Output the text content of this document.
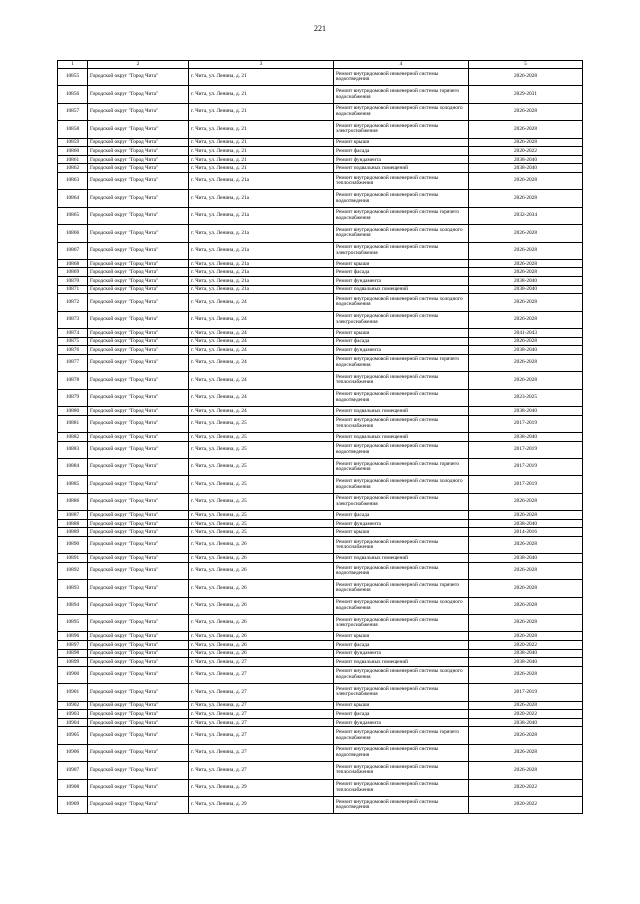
221
1	2	3	4	5
10855	Городской округ "Город Чита"	г. Чита, ул. Ленина, д. 21	Ремонт внутридомовой инженерной системы водоотведения	2026-2028
10856	Городской округ "Город Чита"	г. Чита, ул. Ленина, д. 21	Ремонт внутридомовой инженерной системы горячего водоснабжения	2029-2031
10857	Городской округ "Город Чита"	г. Чита, ул. Ленина, д. 21	Ремонт внутридомовой инженерной системы холодного водоснабжения	2026-2028
10858	Городской округ "Город Чита"	г. Чита, ул. Ленина, д. 21	Ремонт внутридомовой инженерной системы электроснабжения	2026-2028
10859	Городской округ "Город Чита"	г. Чита, ул. Ленина, д. 21	Ремонт крыши	2026-2028
10860	Городской округ "Город Чита"	г. Чита, ул. Ленина, д. 21	Ремонт фасада	2020-2022
10861	Городской округ "Город Чита"	г. Чита, ул. Ленина, д. 21	Ремонт фундамента	2038-2040
10862	Городской округ "Город Чита"	г. Чита, ул. Ленина, д. 21	Ремонт подвальных помещений	2038-2040
10863	Городской округ "Город Чита"	г. Чита, ул. Ленина, д. 21а	Ремонт внутридомовой инженерной системы теплоснабжения	2026-2028
10864	Городской округ "Город Чита"	г. Чита, ул. Ленина, д. 21а	Ремонт внутридомовой инженерной системы водоотведения	2026-2028
10865	Городской округ "Город Чита"	г. Чита, ул. Ленина, д. 21а	Ремонт внутридомовой инженерной системы горячего водоснабжения	2032-2034
10866	Городской округ "Город Чита"	г. Чита, ул. Ленина, д. 21а	Ремонт внутридомовой инженерной системы холодного водоснабжения	2026-2028
10867	Городской округ "Город Чита"	г. Чита, ул. Ленина, д. 21а	Ремонт внутридомовой инженерной системы электроснабжения	2026-2028
10868	Городской округ "Город Чита"	г. Чита, ул. Ленина, д. 21а	Ремонт крыши	2026-2028
10869	Городской округ "Город Чита"	г. Чита, ул. Ленина, д. 21а	Ремонт фасада	2026-2028
10870	Городской округ "Город Чита"	г. Чита, ул. Ленина, д. 21а	Ремонт фундамента	2038-2040
10871	Городской округ "Город Чита"	г. Чита, ул. Ленина, д. 21а	Ремонт подвальных помещений	2038-2040
10872	Городской округ "Город Чита"	г. Чита, ул. Ленина, д. 24	Ремонт внутридомовой инженерной системы холодного водоснабжения	2026-2028
10873	Городской округ "Город Чита"	г. Чита, ул. Ленина, д. 24	Ремонт внутридомовой инженерной системы электроснабжения	2026-2028
10874	Городской округ "Город Чита"	г. Чита, ул. Ленина, д. 24	Ремонт крыши	2041-2043
10875	Городской округ "Город Чита"	г. Чита, ул. Ленина, д. 24	Ремонт фасада	2026-2028
10876	Городской округ "Город Чита"	г. Чита, ул. Ленина, д. 24	Ремонт фундамента	2038-2040
10877	Городской округ "Город Чита"	г. Чита, ул. Ленина, д. 24	Ремонт внутридомовой инженерной системы горячего водоснабжения	2026-2028
10878	Городской округ "Город Чита"	г. Чита, ул. Ленина, д. 24	Ремонт внутридомовой инженерной системы теплоснабжения	2026-2028
10879	Городской округ "Город Чита"	г. Чита, ул. Ленина, д. 24	Ремонт внутридомовой инженерной системы водоотведения	2023-2025
10880	Городской округ "Город Чита"	г. Чита, ул. Ленина, д. 24	Ремонт подвальных помещений	2038-2040
10881	Городской округ "Город Чита"	г. Чита, ул. Ленина, д. 25	Ремонт внутридомовой инженерной системы теплоснабжения	2017-2019
10882	Городской округ "Город Чита"	г. Чита, ул. Ленина, д. 25	Ремонт подвальных помещений	2038-2040
10883	Городской округ "Город Чита"	г. Чита, ул. Ленина, д. 25	Ремонт внутридомовой инженерной системы водоотведения	2017-2019
10884	Городской округ "Город Чита"	г. Чита, ул. Ленина, д. 25	Ремонт внутридомовой инженерной системы горячего водоснабжения	2017-2019
10885	Городской округ "Город Чита"	г. Чита, ул. Ленина, д. 25	Ремонт внутридомовой инженерной системы холодного водоснабжения	2017-2019
10886	Городской округ "Город Чита"	г. Чита, ул. Ленина, д. 25	Ремонт внутридомовой инженерной системы электроснабжения	2026-2028
10887	Городской округ "Город Чита"	г. Чита, ул. Ленина, д. 25	Ремонт фасада	2026-2028
10888	Городской округ "Город Чита"	г. Чита, ул. Ленина, д. 25	Ремонт фундамента	2038-2040
10889	Городской округ "Город Чита"	г. Чита, ул. Ленина, д. 25	Ремонт крыши	2014-2016
10890	Городской округ "Город Чита"	г. Чита, ул. Ленина, д. 26	Ремонт внутридомовой инженерной системы теплоснабжения	2026-2028
10891	Городской округ "Город Чита"	г. Чита, ул. Ленина, д. 26	Ремонт подвальных помещений	2038-2040
10892	Городской округ "Город Чита"	г. Чита, ул. Ленина, д. 26	Ремонт внутридомовой инженерной системы водоотведения	2026-2028
10893	Городской округ "Город Чита"	г. Чита, ул. Ленина, д. 26	Ремонт внутридомовой инженерной системы горячего водоснабжения	2026-2028
10894	Городской округ "Город Чита"	г. Чита, ул. Ленина, д. 26	Ремонт внутридомовой инженерной системы холодного водоснабжения	2026-2028
10895	Городской округ "Город Чита"	г. Чита, ул. Ленина, д. 26	Ремонт внутридомовой инженерной системы электроснабжения	2026-2028
10896	Городской округ "Город Чита"	г. Чита, ул. Ленина, д. 26	Ремонт крыши	2026-2028
10897	Городской округ "Город Чита"	г. Чита, ул. Ленина, д. 26	Ремонт фасада	2020-2022
10898	Городской округ "Город Чита"	г. Чита, ул. Ленина, д. 26	Ремонт фундамента	2038-2040
10899	Городской округ "Город Чита"	г. Чита, ул. Ленина, д. 27	Ремонт подвальных помещений	2038-2040
10900	Городской округ "Город Чита"	г. Чита, ул. Ленина, д. 27	Ремонт внутридомовой инженерной системы холодного водоснабжения	2026-2028
10901	Городской округ "Город Чита"	г. Чита, ул. Ленина, д. 27	Ремонт внутридомовой инженерной системы электроснабжения	2017-2019
10902	Городской округ "Город Чита"	г. Чита, ул. Ленина, д. 27	Ремонт крыши	2026-2028
10903	Городской округ "Город Чита"	г. Чита, ул. Ленина, д. 27	Ремонт фасада	2020-2022
10904	Городской округ "Город Чита"	г. Чита, ул. Ленина, д. 27	Ремонт фундамента	2038-2040
10905	Городской округ "Город Чита"	г. Чита, ул. Ленина, д. 27	Ремонт внутридомовой инженерной системы горячего водоснабжения	2026-2028
10906	Городской округ "Город Чита"	г. Чита, ул. Ленина, д. 27	Ремонт внутридомовой инженерной системы водоотведения	2026-2028
10907	Городской округ "Город Чита"	г. Чита, ул. Ленина, д. 27	Ремонт внутридомовой инженерной системы теплоснабжения	2026-2028
10908	Городской округ "Город Чита"	г. Чита, ул. Ленина, д. 29	Ремонт внутридомовой инженерной системы теплоснабжения	2020-2022
10909	Городской округ "Город Чита"	г. Чита, ул. Ленина, д. 29	Ремонт внутридомовой инженерной системы водоотведения	2020-2022
